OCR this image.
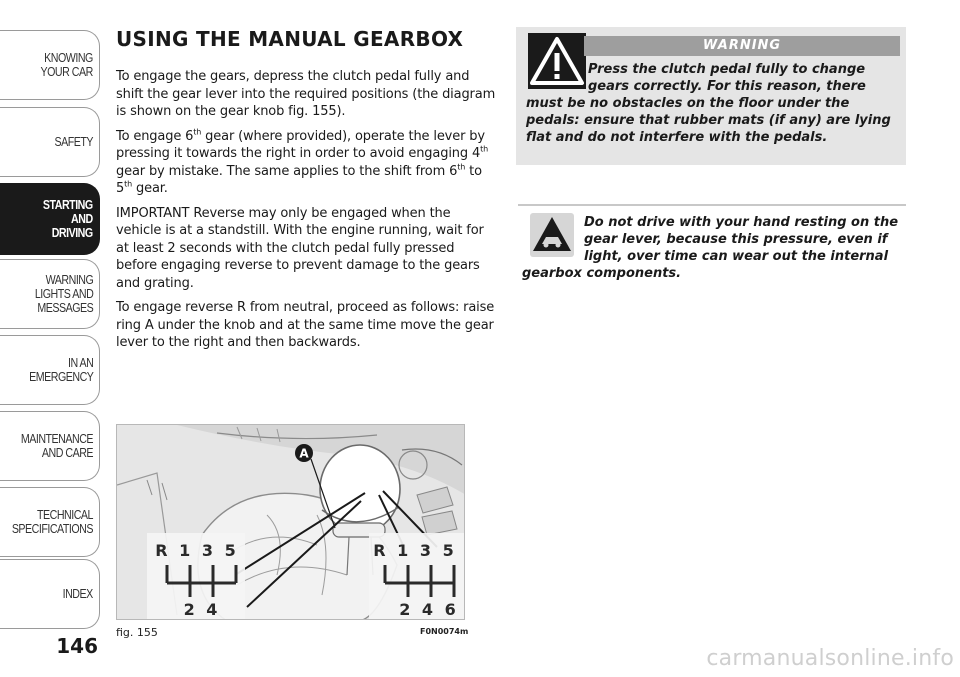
KNOWING
YOUR CAR
SAFETY
STARTING
AND
DRIVING
WARNING
LIGHTS AND
MESSAGES
IN AN
EMERGENCY
MAINTENANCE
AND CARE
TECHNICAL
SPECIFICATIONS
INDEX
146
USING THE MANUAL GEARBOX

To engage the gears, depress the clutch pedal fully and shift the gear lever into the required positions (the diagram is shown on the gear knob fig. 155).

To engage 6th gear (where provided), operate the lever by pressing it towards the right in order to avoid engaging 4th gear by mistake. The same applies to the shift from 6th to 5th gear.

IMPORTANT Reverse may only be engaged when the vehicle is at a standstill. With the engine running, wait for at least 2 seconds with the clutch pedal fully pressed before engaging reverse to prevent damage to the gears and grating.

To engage reverse R from neutral, proceed as follows: raise ring A under the knob and at the same time move the gear lever to the right and then backwards.

A
R 1 3 5
2 4
R 1 3 5
2 4 6
fig. 155	F0N0074m
WARNING

Press the clutch pedal fully to change gears correctly. For this reason, there must be no obstacles on the floor under the pedals: ensure that rubber mats (if any) are lying flat and do not interfere with the pedals.

Do not drive with your hand resting on the gear lever, because this pressure, even if light, over time can wear out the internal gearbox components.

carmanualsonline.info
